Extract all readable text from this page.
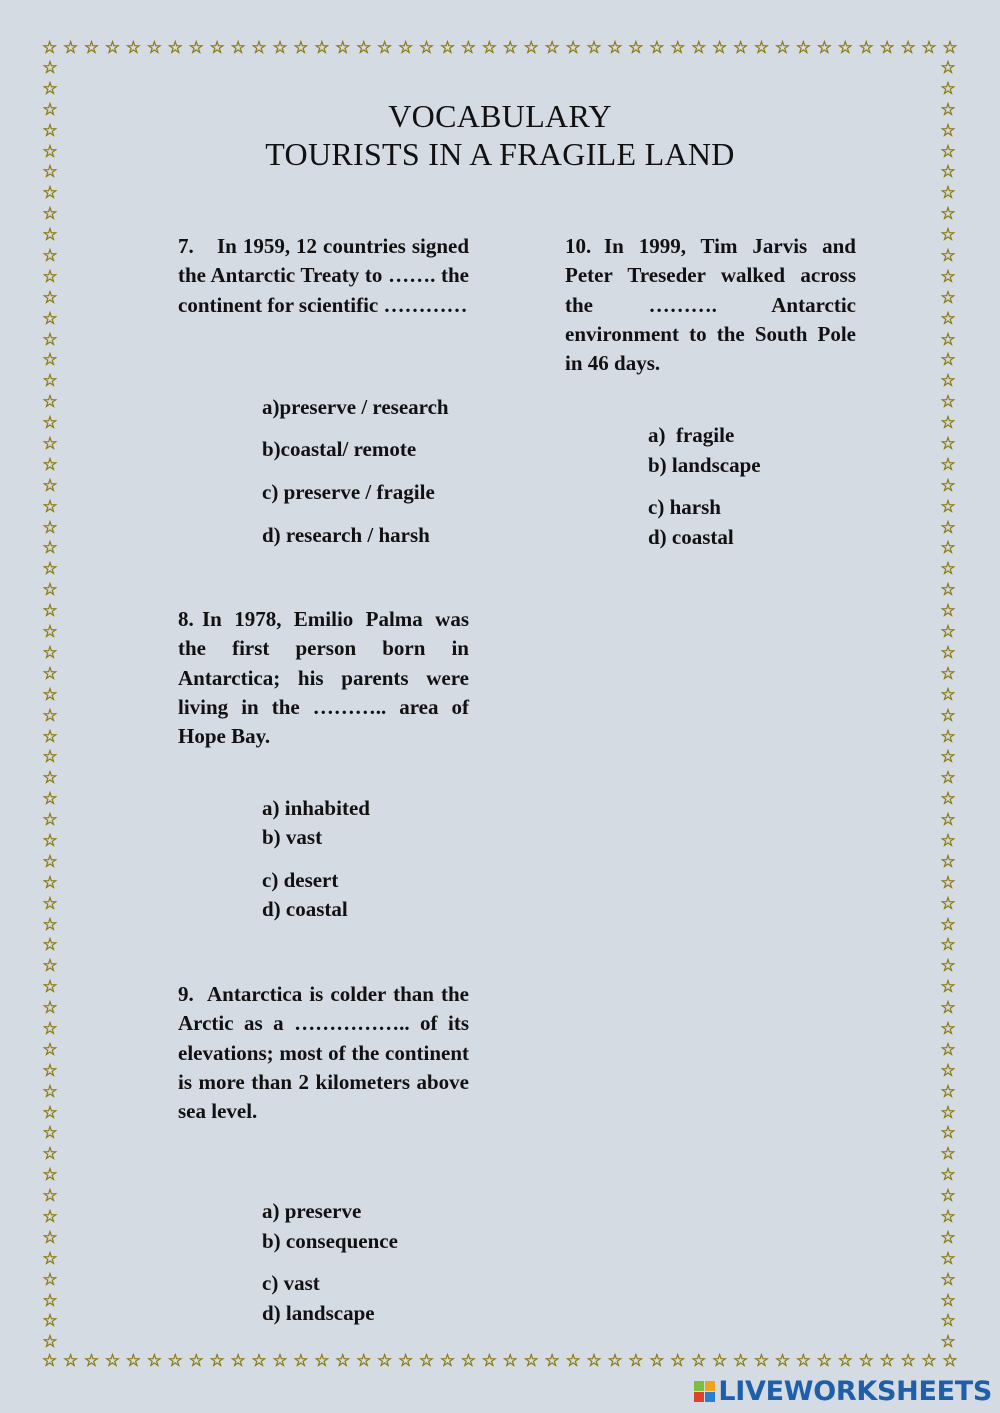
☆ ☆ ☆ ☆ ☆ ☆ ☆ ☆ ☆ ☆ ☆ ☆ ☆ ☆ ☆ ☆ ☆ ☆ ☆ ☆ ☆ ☆ ☆ ☆ ☆ ☆ ☆ ☆ ☆ ☆ ☆ ☆ ☆ ☆ ☆ ☆ ☆ ☆ ☆ ☆ ☆ ☆ ☆ ☆
☆ ☆ ☆ ☆ ☆ ☆ ☆ ☆ ☆ ☆ ☆ ☆ ☆ ☆ ☆ ☆ ☆ ☆ ☆ ☆ ☆ ☆ ☆ ☆ ☆ ☆ ☆ ☆ ☆ ☆ ☆ ☆ ☆ ☆ ☆ ☆ ☆ ☆ ☆ ☆ ☆ ☆ ☆ ☆
☆
☆
☆
☆
☆
☆
☆
☆
☆
☆
☆
☆
☆
☆
☆
☆
☆
☆
☆
☆
☆
☆
☆
☆
☆
☆
☆
☆
☆
☆
☆
☆
☆
☆
☆
☆
☆
☆
☆
☆
☆
☆
☆
☆
☆
☆
☆
☆
☆
☆
☆
☆
☆
☆
☆
☆
☆
☆
☆
☆
☆
☆
☆
☆
☆
☆
☆
☆
☆
☆
☆
☆
☆
☆
☆
☆
☆
☆
☆
☆
☆
☆
☆
☆
☆
☆
☆
☆
☆
☆
☆
☆
☆
☆
☆
☆
☆
☆
☆
☆
☆
☆
☆
☆
☆
☆
☆
☆
☆
☆
☆
☆
☆
☆
☆
☆
☆
☆
☆
☆
☆
☆
☆
☆
VOCABULARY
TOURISTS IN A FRAGILE LAND
7.	In 1959, 12 countries signed the Antarctic Treaty to ……. the continent for scientific …………
a)preserve / research
b)coastal/ remote
c) preserve / fragile
d) research / harsh
8. In 1978, Emilio Palma was the first person born in Antarctica; his parents were living in the ……….. area of Hope Bay.
a) inhabited
b) vast
c) desert
d) coastal
9. Antarctica is colder than the Arctic as a …………….. of its elevations; most of the continent is more than 2 kilometers above sea level.
a) preserve
b) consequence
c) vast
d) landscape
10. In 1999, Tim Jarvis and Peter Treseder walked across the ………. Antarctic environment to the South Pole in 46 days.
a)  fragile
b) landscape
c) harsh
d) coastal
LIVEWORKSHEETS
